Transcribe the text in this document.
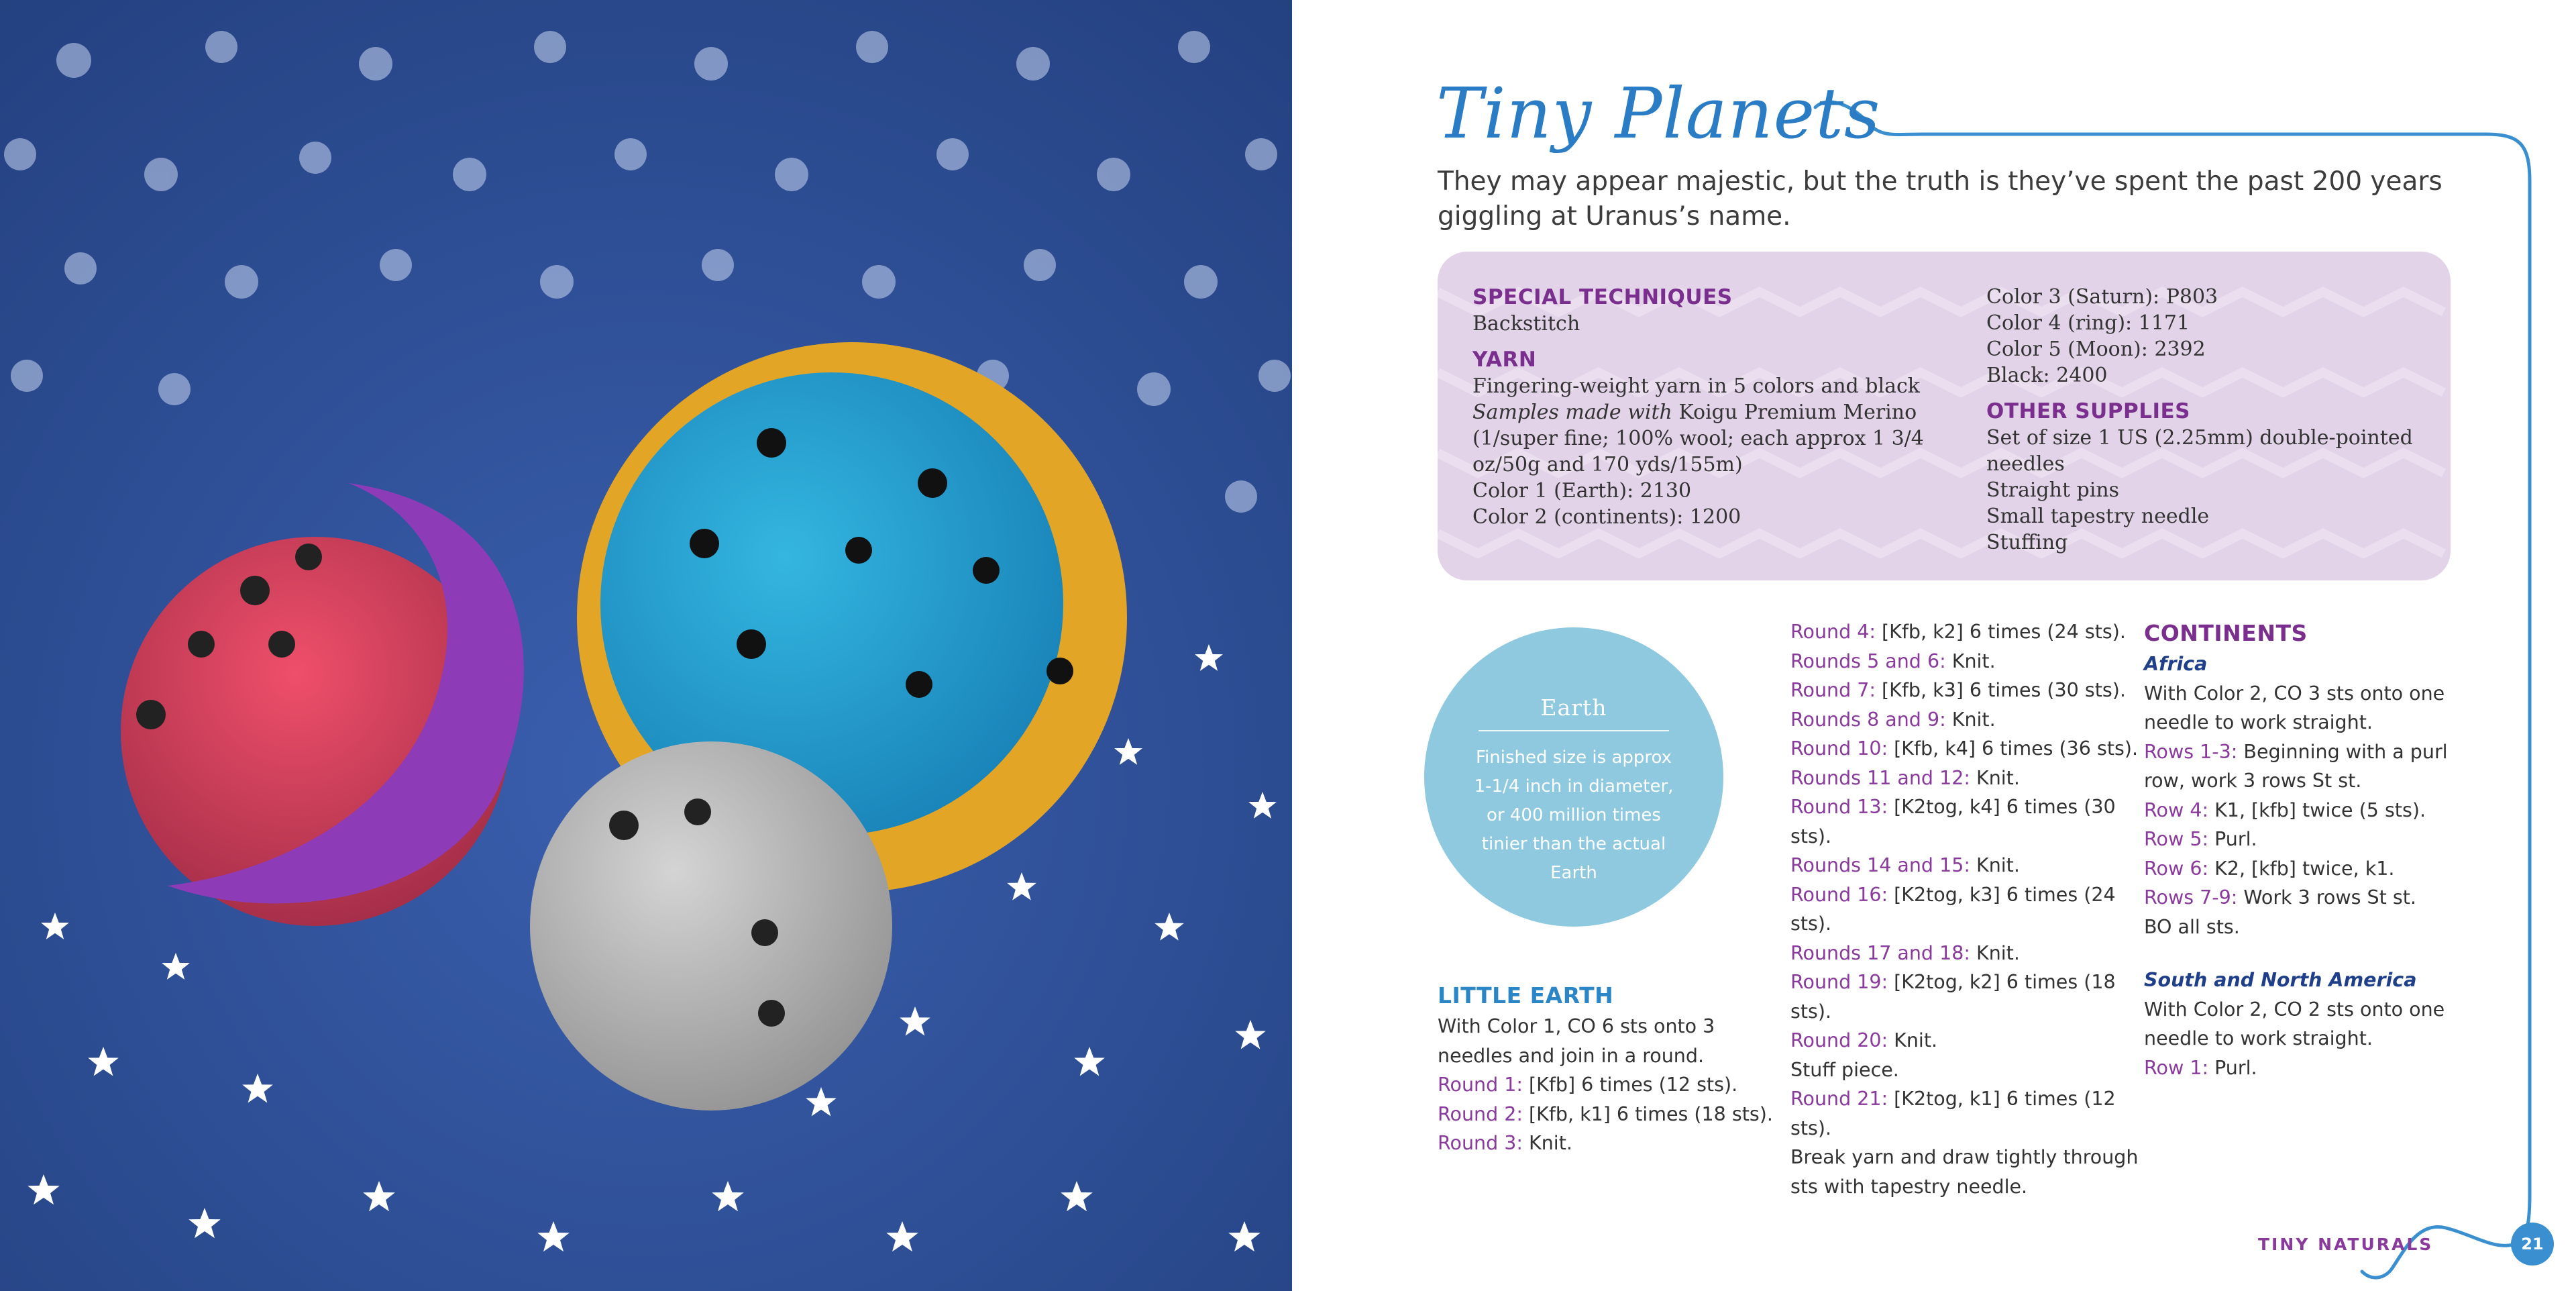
Tiny Planets
They may appear majestic, but the truth is they’ve spent the past 200 years giggling at Uranus’s name.
SPECIAL TECHNIQUES
Backstitch
YARN
Fingering-weight yarn in 5 colors and black
Samples made with Koigu Premium Merino (1/super fine; 100% wool; each approx 1 3/4 oz/50g and 170 yds/155m)
Color 1 (Earth): 2130
Color 2 (continents): 1200
Color 3 (Saturn): P803
Color 4 (ring): 1171
Color 5 (Moon): 2392
Black: 2400
OTHER SUPPLIES
Set of size 1 US (2.25mm) double-pointed needles
Straight pins
Small tapestry needle
Stuffing
Earth
Finished size is approx 1-1/4 inch in diameter, or 400 million times tinier than the actual Earth
LITTLE EARTH

With Color 1, CO 6 sts onto 3 needles and join in a round.

Round 1: [Kfb] 6 times (12 sts).

Round 2: [Kfb, k1] 6 times (18 sts).

Round 3: Knit.

Round 4: [Kfb, k2] 6 times (24 sts).

Rounds 5 and 6: Knit.

Round 7: [Kfb, k3] 6 times (30 sts).

Rounds 8 and 9: Knit.

Round 10: [Kfb, k4] 6 times (36 sts).

Rounds 11 and 12: Knit.

Round 13: [K2tog, k4] 6 times (30 sts).

Rounds 14 and 15: Knit.

Round 16: [K2tog, k3] 6 times (24 sts).

Rounds 17 and 18: Knit.

Round 19: [K2tog, k2] 6 times (18 sts).

Round 20: Knit.

Stuff piece.

Round 21: [K2tog, k1] 6 times (12 sts).

Break yarn and draw tightly through sts with tapestry needle.

CONTINENTS

Africa

With Color 2, CO 3 sts onto one needle to work straight.

Rows 1-3: Beginning with a purl row, work 3 rows St st.

Row 4: K1, [kfb] twice (5 sts).

Row 5: Purl.

Row 6: K2, [kfb] twice, k1.

Rows 7-9: Work 3 rows St st.

BO all sts.

South and North America

With Color 2, CO 2 sts onto one needle to work straight.

Row 1: Purl.

TINY NATURALS	21
